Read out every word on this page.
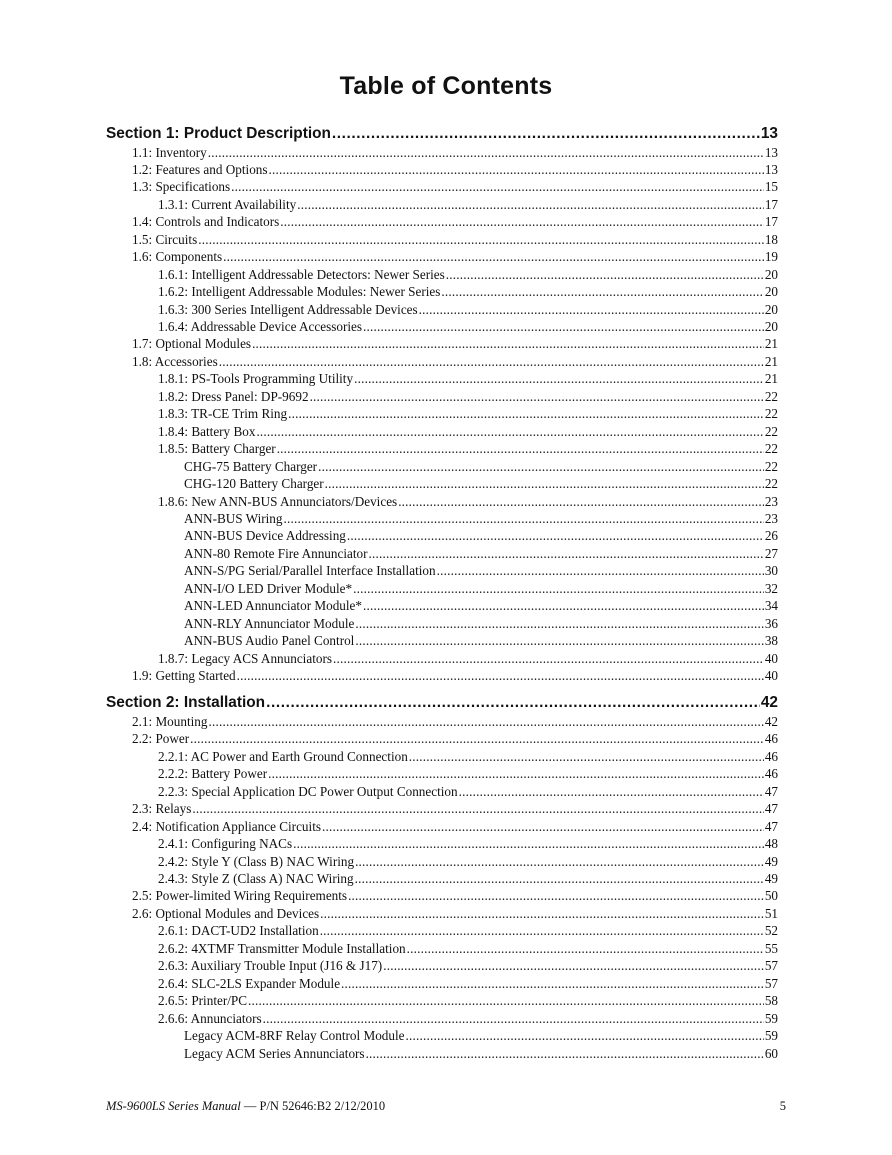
Table of Contents
Section 1: Product Description .....	13
1.1: Inventory .....	13
1.2: Features and Options .....	13
1.3: Specifications .....	15
1.3.1: Current Availability .....	17
1.4: Controls and Indicators .....	17
1.5: Circuits .....	18
1.6: Components .....	19
1.6.1: Intelligent Addressable Detectors: Newer Series .....	20
1.6.2: Intelligent Addressable Modules: Newer Series .....	20
1.6.3: 300 Series Intelligent Addressable Devices .....	20
1.6.4: Addressable Device Accessories .....	20
1.7: Optional Modules .....	21
1.8: Accessories .....	21
1.8.1: PS-Tools Programming Utility .....	21
1.8.2: Dress Panel: DP-9692 .....	22
1.8.3: TR-CE Trim Ring .....	22
1.8.4: Battery Box .....	22
1.8.5: Battery Charger .....	22
CHG-75 Battery Charger .....	22
CHG-120 Battery Charger .....	22
1.8.6: New ANN-BUS Annunciators/Devices .....	23
ANN-BUS Wiring .....	23
ANN-BUS Device Addressing .....	26
ANN-80 Remote Fire Annunciator .....	27
ANN-S/PG Serial/Parallel Interface Installation .....	30
ANN-I/O LED Driver Module* .....	32
ANN-LED Annunciator Module* .....	34
ANN-RLY Annunciator Module .....	36
ANN-BUS Audio Panel Control .....	38
1.8.7: Legacy ACS Annunciators .....	40
1.9: Getting Started .....	40
Section 2: Installation .....	42
2.1: Mounting .....	42
2.2: Power .....	46
2.2.1: AC Power and Earth Ground Connection .....	46
2.2.2: Battery Power .....	46
2.2.3: Special Application DC Power Output Connection .....	47
2.3: Relays .....	47
2.4: Notification Appliance Circuits .....	47
2.4.1: Configuring NACs .....	48
2.4.2: Style Y (Class B) NAC Wiring .....	49
2.4.3: Style Z (Class A) NAC Wiring .....	49
2.5: Power-limited Wiring Requirements .....	50
2.6: Optional Modules and Devices .....	51
2.6.1: DACT-UD2 Installation .....	52
2.6.2: 4XTMF Transmitter Module Installation .....	55
2.6.3: Auxiliary Trouble Input (J16 & J17) .....	57
2.6.4: SLC-2LS Expander Module .....	57
2.6.5: Printer/PC .....	58
2.6.6: Annunciators .....	59
Legacy ACM-8RF Relay Control Module .....	59
Legacy ACM Series Annunciators .....	60
MS-9600LS Series Manual — P/N 52646:B2 2/12/2010	5
